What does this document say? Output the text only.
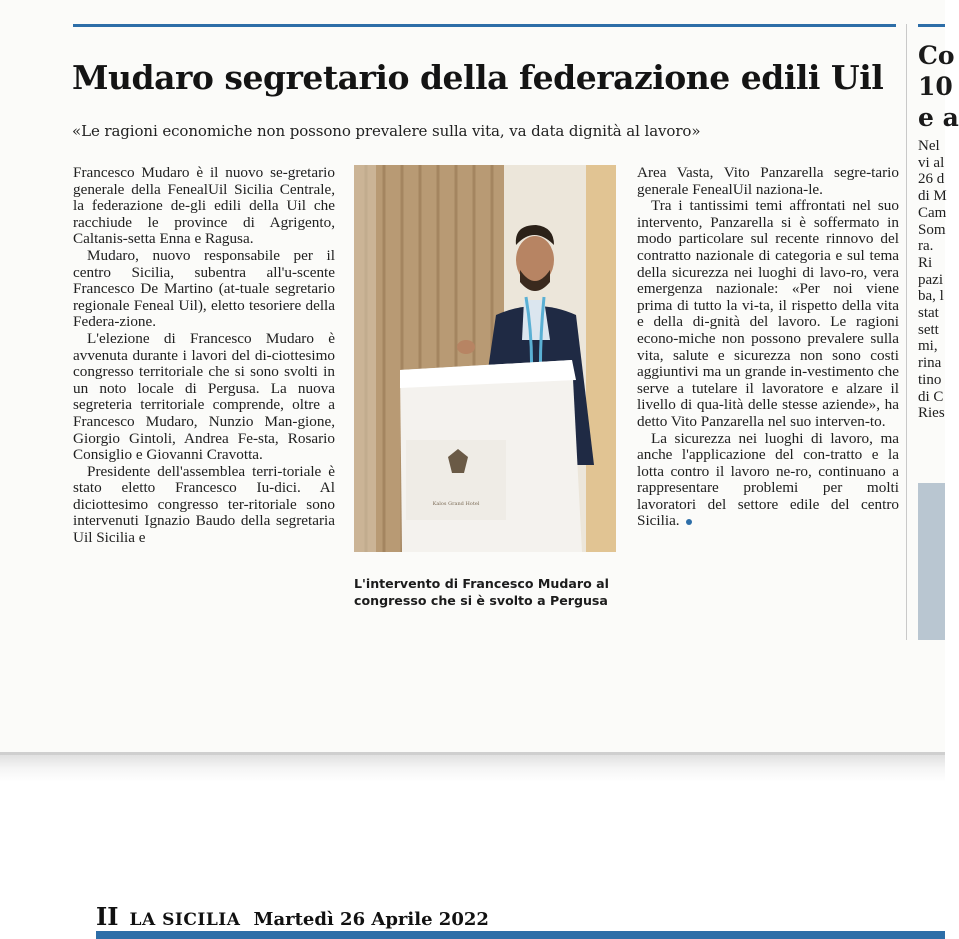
Mudaro segretario della federazione edili Uil

«Le ragioni economiche non possono prevalere sulla vita, va data dignità al lavoro»

Francesco Mudaro è il nuovo se-gretario generale della FenealUil Sicilia Centrale, la federazione de-gli edili della Uil che racchiude le province di Agrigento, Caltanis-setta Enna e Ragusa.

Mudaro, nuovo responsabile per il centro Sicilia, subentra all'u-scente Francesco De Martino (at-tuale segretario regionale Feneal Uil), eletto tesoriere della Federa-zione.

L'elezione di Francesco Mudaro è avvenuta durante i lavori del di-ciottesimo congresso territoriale che si sono svolti in un noto locale di Pergusa. La nuova segreteria territoriale comprende, oltre a Francesco Mudaro, Nunzio Man-gione, Giorgio Gintoli, Andrea Fe-sta, Rosario Consiglio e Giovanni Cravotta.

Presidente dell'assemblea terri-toriale è stato eletto Francesco Iu-dici. Al diciottesimo congresso ter-ritoriale sono intervenuti Ignazio Baudo della segretaria Uil Sicilia e

Kalos Grand Hotel

L'intervento di Francesco Mudaro al congresso che si è svolto a Pergusa

Area Vasta, Vito Panzarella segre-tario generale FenealUil naziona-le.

Tra i tantissimi temi affrontati nel suo intervento, Panzarella si è soffermato in modo particolare sul recente rinnovo del contratto nazionale di categoria e sul tema della sicurezza nei luoghi di lavo-ro, vera emergenza nazionale: «Per noi viene prima di tutto la vi-ta, il rispetto della vita e della di-gnità del lavoro. Le ragioni econo-miche non possono prevalere sulla vita, salute e sicurezza non sono costi aggiuntivi ma un grande in-vestimento che serve a tutelare il lavoratore e alzare il livello di qua-lità delle stesse aziende», ha detto Vito Panzarella nel suo interven-to.

La sicurezza nei luoghi di lavoro, ma anche l'applicazione del con-tratto e la lotta contro il lavoro ne-ro, continuano a rappresentare problemi per molti lavoratori del settore edile del centro Sicilia.

Co

10

e a

Nel
vi al
26 d
di M
Cam
Som
ra.
Ri
pazi
ba, l
stat
sett
mi,
rina
tino
di C
Ries
II LA SICILIA Martedì 26 Aprile 2022
